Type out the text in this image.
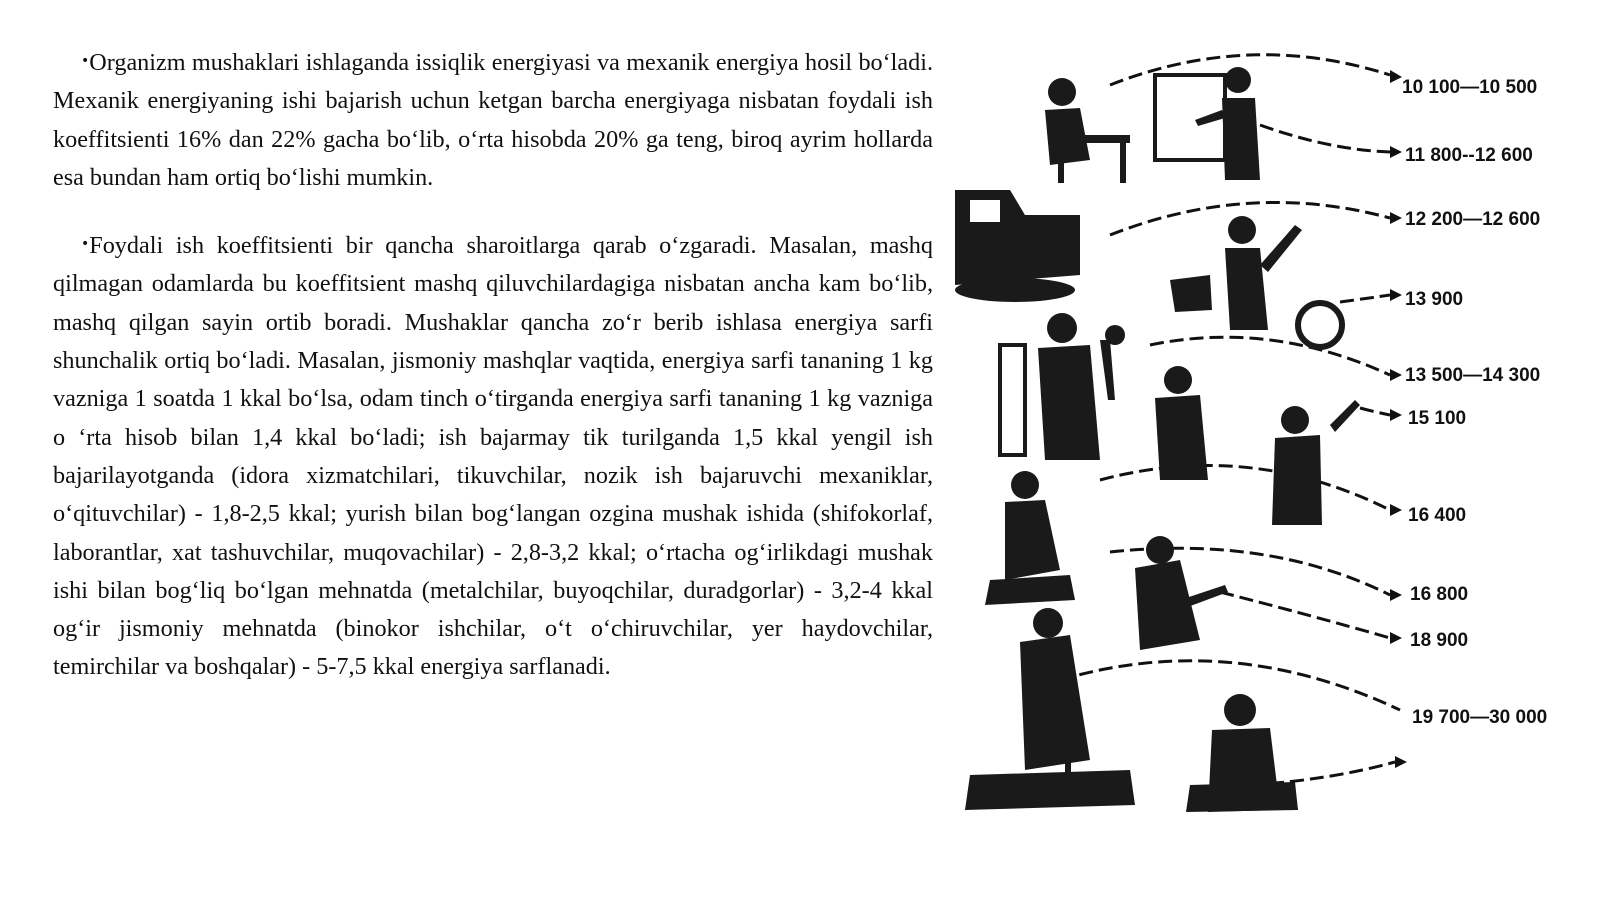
•Organizm mushaklari ishlaganda issiqlik energiyasi va mexanik energiya hosil boʻladi. Mexanik energiyaning ishi bajarish uchun ketgan barcha energiyaga nisbatan foydali ish koeffitsienti 16% dan 22% gacha boʻlib, oʻrta hisobda 20% ga teng, biroq ayrim hollarda esa bundan ham ortiq boʻlishi mumkin.

•Foydali ish koeffitsienti bir qancha sharoitlarga qarab oʻzgaradi. Masalan, mashq qilmagan odamlarda bu koeffitsient mashq qiluvchilardagiga nisbatan ancha kam boʻlib, mashq qilgan sayin ortib boradi. Mushaklar qancha zoʻr berib ishlasa energiya sarfi shunchalik ortiq boʻladi. Masalan, jismoniy mashqlar vaqtida, energiya sarfi tananing 1 kg vazniga 1 soatda 1 kkal boʻlsa, odam tinch oʻtirganda energiya sarfi tananing 1 kg vazniga o ʻrta hisob bilan 1,4 kkal boʻladi; ish bajarmay tik turilganda 1,5 kkal yengil ish bajarilayotganda (idora xizmatchilari, tikuvchilar, nozik ish bajaruvchi mexaniklar, oʻqituvchilar) - 1,8-2,5 kkal; yurish bilan bogʻlangan ozgina mushak ishida (shifokorlaf, laborantlar, xat tashuvchilar, muqovachilar) - 2,8-3,2 kkal; oʻrtacha ogʻirlikdagi mushak ishi bilan bogʻliq boʻlgan mehnatda (metalchilar, buyoqchilar, duradgorlar) - 3,2-4 kkal ogʻir jismoniy mehnatda (binokor ishchilar, oʻt oʻchiruvchilar, yer haydovchilar, temirchilar va boshqalar) - 5-7,5 kkal energiya sarflanadi.

10 100—10 500
11 800--12 600
12 200—12 600
13 900
13 500—14 300
15 100
16 400
16 800
18 900
19 700—30 000
